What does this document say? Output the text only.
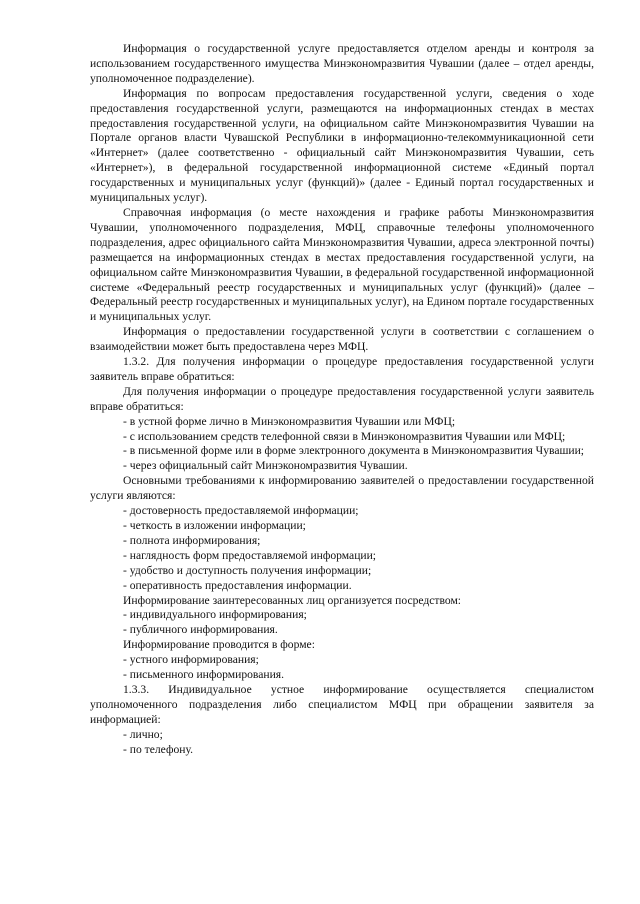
Информация о государственной услуге предоставляется отделом аренды и контроля за использованием государственного имущества Минэкономразвития Чувашии (далее – отдел аренды, уполномоченное подразделение).

Информация по вопросам предоставления государственной услуги, сведения о ходе предоставления государственной услуги, размещаются на информационных стендах в местах предоставления государственной услуги, на официальном сайте Минэкономразвития Чувашии на Портале органов власти Чувашской Республики в информационно-телекоммуникационной сети «Интернет» (далее соответственно - официальный сайт Минэкономразвития Чувашии, сеть «Интернет»), в федеральной государственной информационной системе «Единый портал государственных и муниципальных услуг (функций)» (далее - Единый портал государственных и муниципальных услуг).

Справочная информация (о месте нахождения и графике работы Минэкономразвития Чувашии, уполномоченного подразделения, МФЦ, справочные телефоны уполномоченного подразделения, адрес официального сайта Минэкономразвития Чувашии, адреса электронной почты) размещается на информационных стендах в местах предоставления государственной услуги, на официальном сайте Минэкономразвития Чувашии, в федеральной государственной информационной системе «Федеральный реестр государственных и муниципальных услуг (функций)» (далее – Федеральный реестр государственных и муниципальных услуг), на Едином портале государственных и муниципальных услуг.

Информация о предоставлении государственной услуги в соответствии с соглашением о взаимодействии может быть предоставлена через МФЦ.

1.3.2. Для получения информации о процедуре предоставления государственной услуги заявитель вправе обратиться:

Для получения информации о процедуре предоставления государственной услуги заявитель вправе обратиться:

- в устной форме лично в Минэкономразвития Чувашии или МФЦ;

- с использованием средств телефонной связи в Минэкономразвития Чувашии или МФЦ;

- в письменной форме или в форме электронного документа в Минэкономразвития Чувашии;

- через официальный сайт Минэкономразвития Чувашии.

Основными требованиями к информированию заявителей о предоставлении государственной услуги являются:

- достоверность предоставляемой информации;

- четкость в изложении информации;

- полнота информирования;

- наглядность форм предоставляемой информации;

- удобство и доступность получения информации;

- оперативность предоставления информации.

Информирование заинтересованных лиц организуется посредством:

- индивидуального информирования;

- публичного информирования.

Информирование проводится в форме:

- устного информирования;

- письменного информирования.

1.3.3. Индивидуальное устное информирование осуществляется специалистом уполномоченного подразделения либо специалистом МФЦ при обращении заявителя за информацией:

- лично;

- по телефону.
